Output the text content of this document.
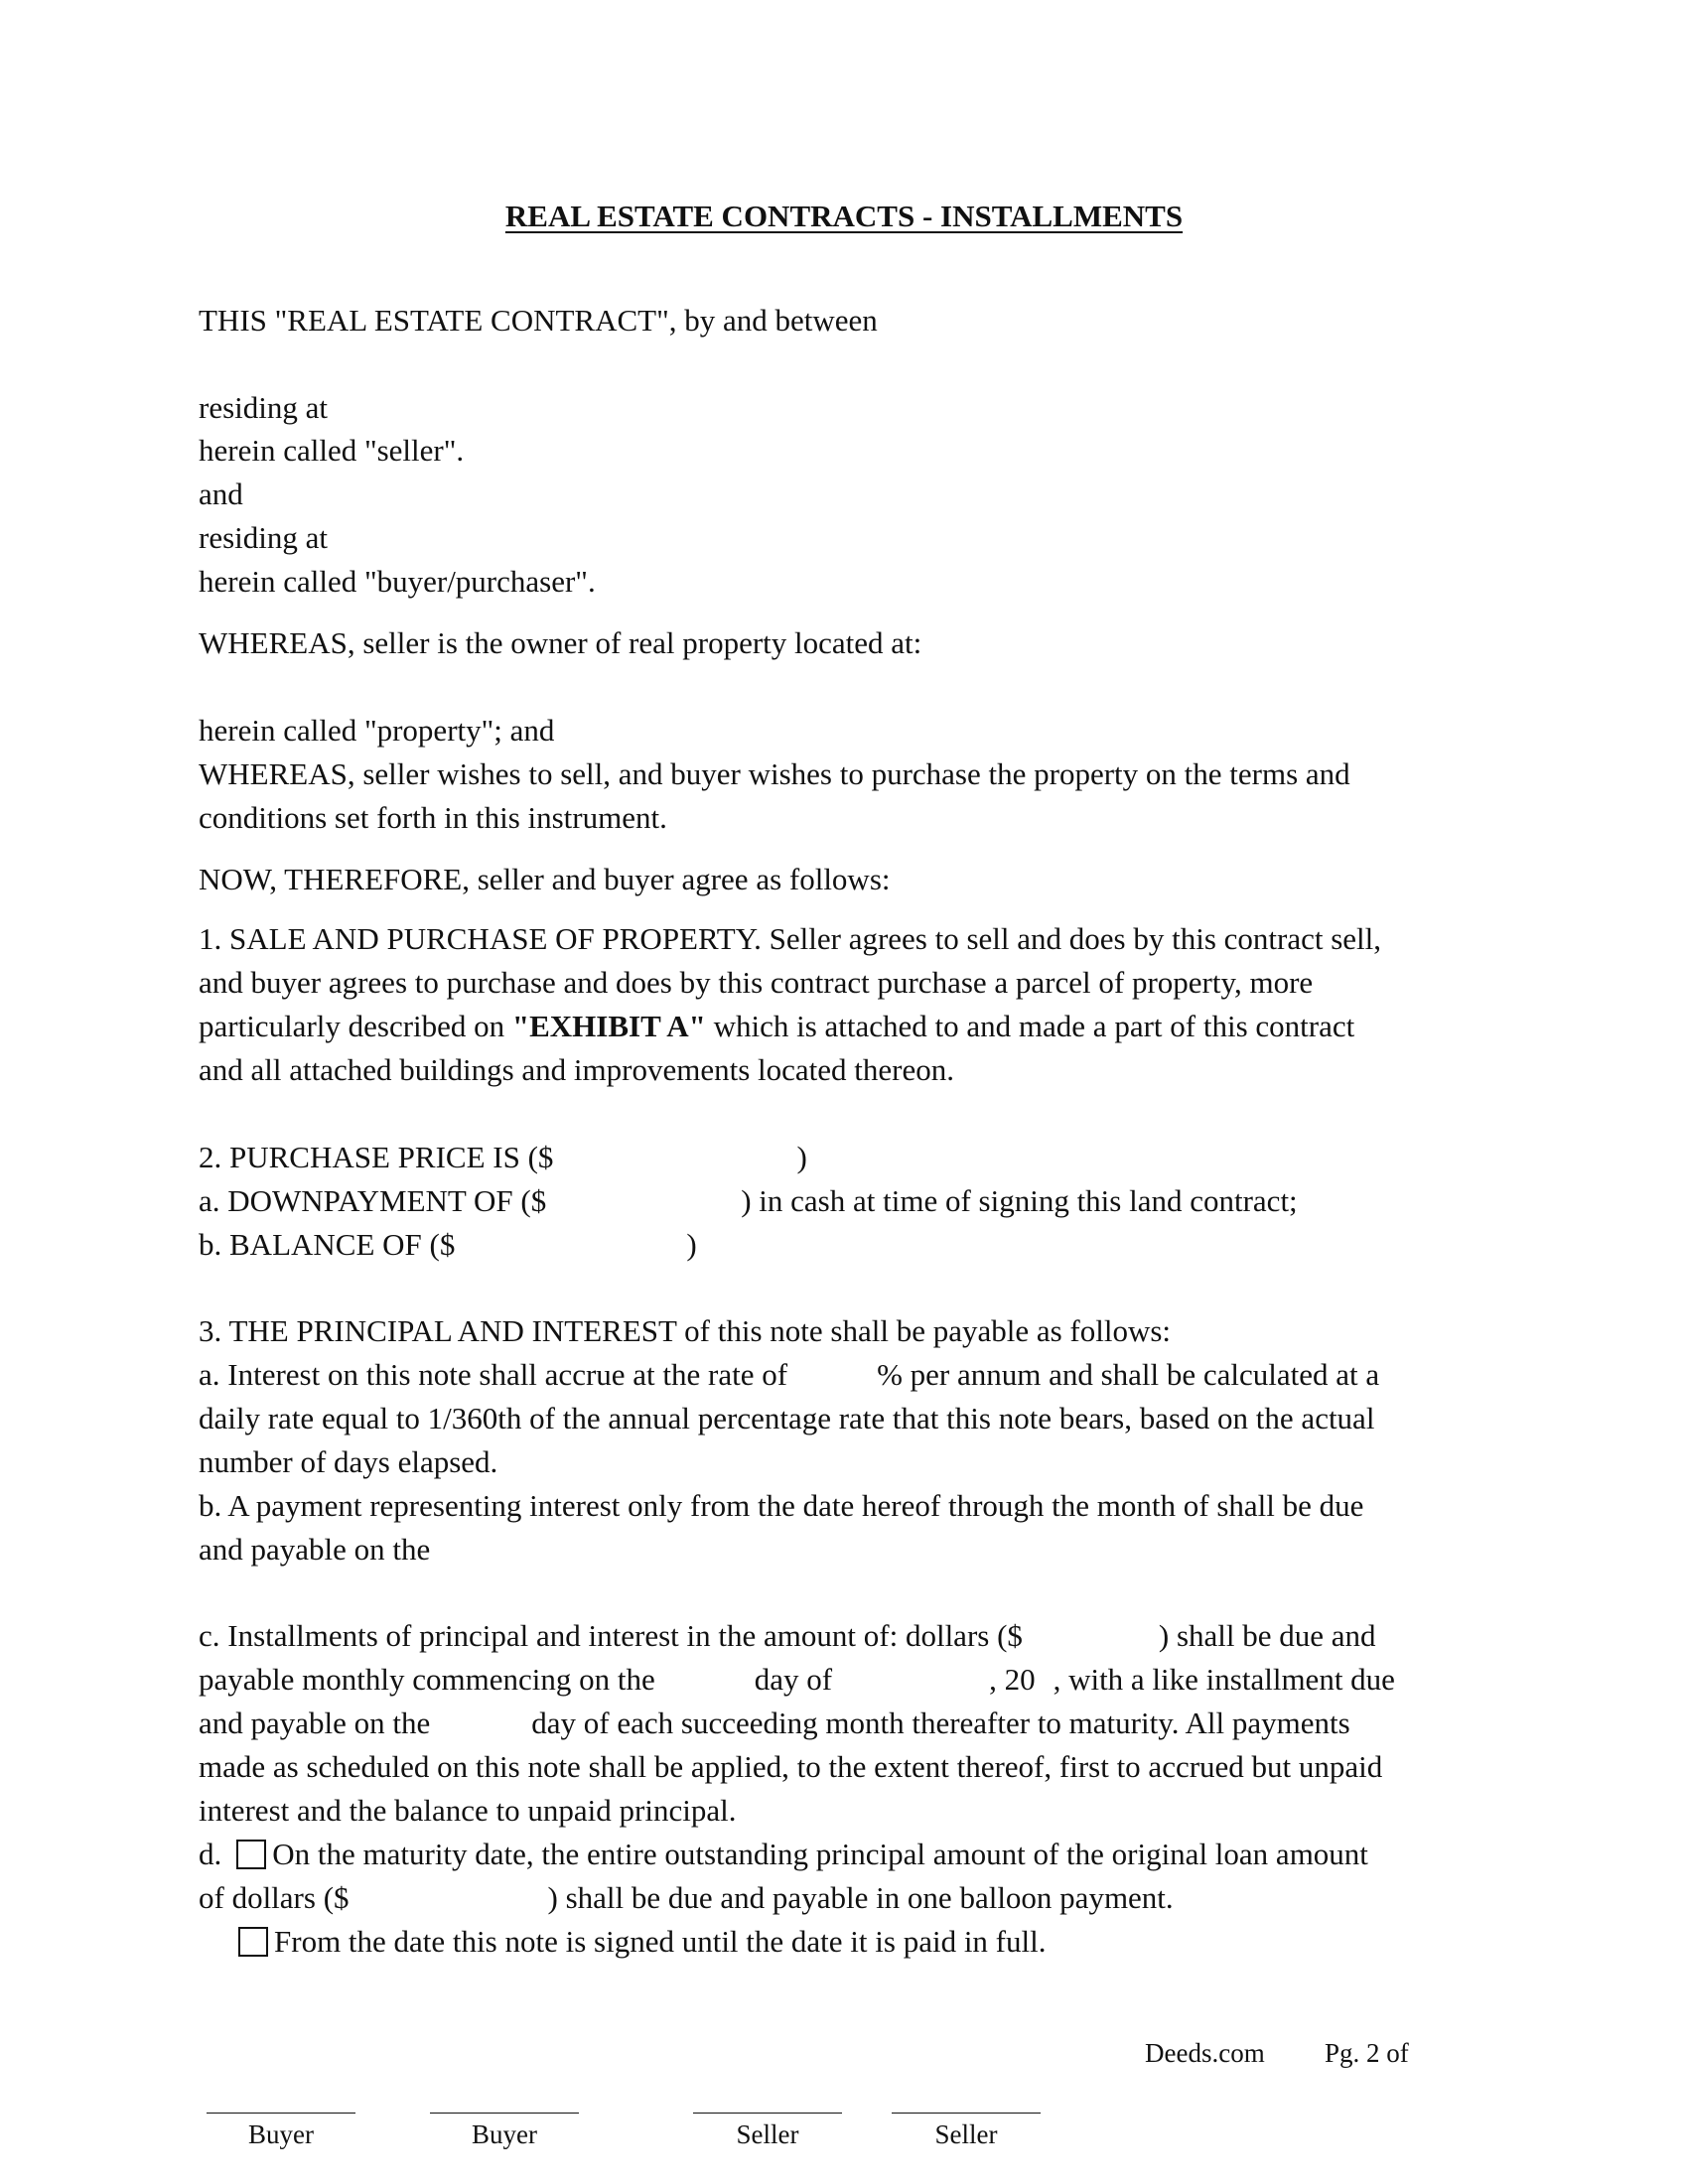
REAL ESTATE CONTRACTS - INSTALLMENTS
THIS "REAL ESTATE CONTRACT", by and between
residing at
herein called "seller".
and
residing at
herein called "buyer/purchaser".
WHEREAS, seller is the owner of real property located at:
herein called "property"; and
WHEREAS, seller wishes to sell, and buyer wishes to purchase the property on the terms and
conditions set forth in this instrument.
NOW, THEREFORE, seller and buyer agree as follows:
1. SALE AND PURCHASE OF PROPERTY. Seller agrees to sell and does by this contract sell,
and buyer agrees to purchase and does by this contract purchase a parcel of property, more
particularly described on "EXHIBIT A" which is attached to and made a part of this contract
and all attached buildings and improvements located thereon.
2. PURCHASE PRICE IS ($	)
a. DOWNPAYMENT OF ($	) in cash at time of signing this land contract;
b. BALANCE OF ($	)
3. THE PRINCIPAL AND INTEREST of this note shall be payable as follows:
a. Interest on this note shall accrue at the rate of	% per annum and shall be calculated at a
daily rate equal to 1/360th of the annual percentage rate that this note bears, based on the actual
number of days elapsed.
b. A payment representing interest only from the date hereof through the month of shall be due
and payable on the
c. Installments of principal and interest in the amount of: dollars ($	) shall be due and
payable monthly commencing on the	day of	, 20 , with a like installment due
and payable on the	day of each succeeding month thereafter to maturity. All payments
made as scheduled on this note shall be applied, to the extent thereof, first to accrued but unpaid
interest and the balance to unpaid principal.
d. On the maturity date, the entire outstanding principal amount of the original loan amount
of dollars ($	) shall be due and payable in one balloon payment.
From the date this note is signed until the date it is paid in full.
Deeds.com Pg. 2 of
Buyer	Buyer	Seller	Seller
